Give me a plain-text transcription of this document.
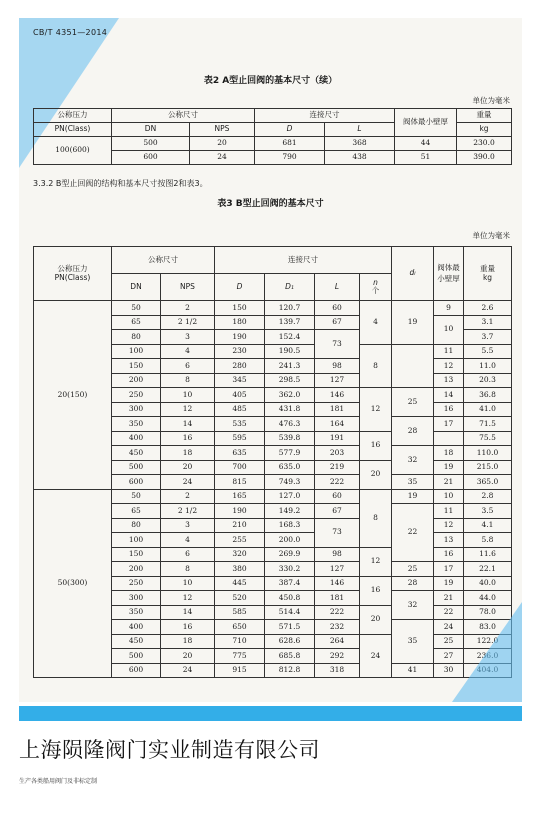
CB/T 4351—2014
表2 A型止回阀的基本尺寸（续）
单位为毫米
公称压力	公称尺寸		连接尺寸		阀体最小壁厚	重量
PN(Class)	DN	NPS	D	L		kg
100(600)	500	20	681	368	44	230.0
	600	24	790	438	51	390.0
3.3.2 B型止回阀的结构和基本尺寸按图2和表3。
表3 B型止回阀的基本尺寸
单位为毫米
公称压力
PN(Class)	公称尺寸		连接尺寸				dₗ	阀体最小壁厚	重量
kg
	DN	NPS	D	D₁	L	n
个			
20(150)	50	2	150	120.7	60	4	19	9	2.6
	65	2 1/2	180	139.7	67			10	3.1
	80	3	190	152.4	73				3.7
	100	4	230	190.5		8		11	5.5
	150	6	280	241.3	98			12	11.0
	200	8	345	298.5	127			13	20.3
	250	10	405	362.0	146	12	25	14	36.8
	300	12	485	431.8	181			16	41.0
	350	14	535	476.3	164		28	17	71.5
	400	16	595	539.8	191	16			75.5
	450	18	635	577.9	203		32	18	110.0
	500	20	700	635.0	219	20		19	215.0
	600	24	815	749.3	222		35	21	365.0
50(300)	50	2	165	127.0	60	8	19	10	2.8
	65	2 1/2	190	149.2	67		22	11	3.5
	80	3	210	168.3	73			12	4.1
	100	4	255	200.0				13	5.8
	150	6	320	269.9	98	12		16	11.6
	200	8	380	330.2	127		25	17	22.1
	250	10	445	387.4	146	16	28	19	40.0
	300	12	520	450.8	181		32	21	44.0
	350	14	585	514.4	222	20		22	78.0
	400	16	650	571.5	232		35	24	83.0
	450	18	710	628.6	264	24		25	122.0
	500	20	775	685.8	292			27	236.0
	600	24	915	812.8	318		41	30	404.0
上海陨隆阀门实业制造有限公司
生产各类船用阀门及非标定制
